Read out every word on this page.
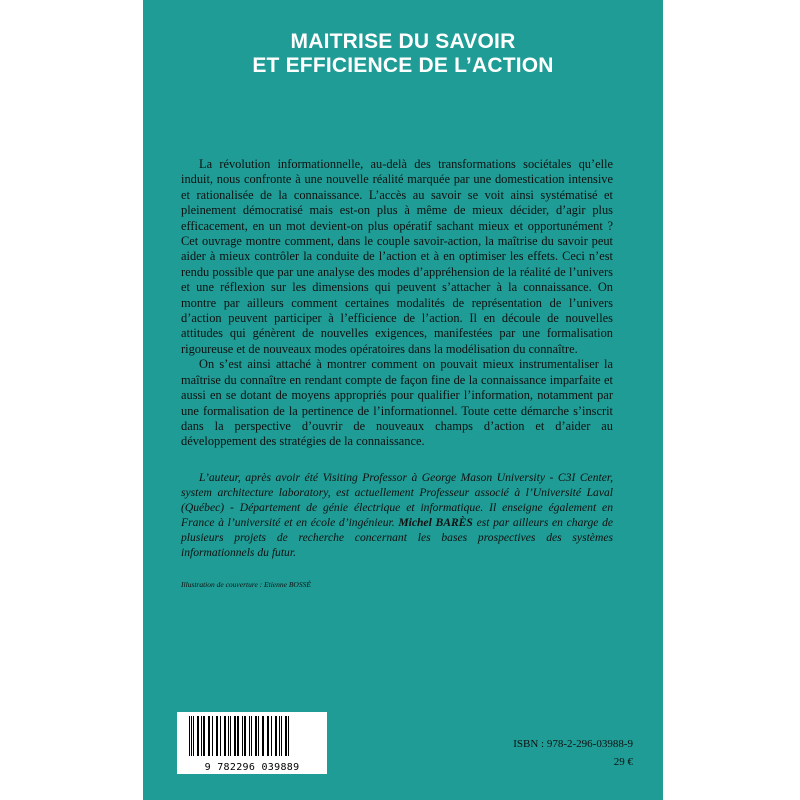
MAITRISE DU SAVOIR
ET EFFICIENCE DE L’ACTION

La révolution informationnelle, au-delà des transformations sociétales qu’elle induit, nous confronte à une nouvelle réalité marquée par une domestication intensive et rationalisée de la connaissance. L’accès au savoir se voit ainsi systématisé et pleinement démocratisé mais est-on plus à même de mieux décider, d’agir plus efficacement, en un mot devient-on plus opératif sachant mieux et opportunément ? Cet ouvrage montre comment, dans le couple savoir-action, la maîtrise du savoir peut aider à mieux contrôler la conduite de l’action et à en optimiser les effets. Ceci n’est rendu possible que par une analyse des modes d’appréhension de la réalité de l’univers et une réflexion sur les dimensions qui peuvent s’attacher à la connaissance. On montre par ailleurs comment certaines modalités de représentation de l’univers d’action peuvent participer à l’efficience de l’action. Il en découle de nouvelles attitudes qui génèrent de nouvelles exigences, manifestées par une formalisation rigoureuse et de nouveaux modes opératoires dans la modélisation du connaître.

On s’est ainsi attaché à montrer comment on pouvait mieux instrumentaliser la maîtrise du connaître en rendant compte de façon fine de la connaissance imparfaite et aussi en se dotant de moyens appropriés pour qualifier l’information, notamment par une formalisation de la pertinence de l’informationnel. Toute cette démarche s’inscrit dans la perspective d’ouvrir de nouveaux champs d’action et d’aider au développement des stratégies de la connaissance.

L’auteur, après avoir été Visiting Professor à George Mason University - C3I Center, system architecture laboratory, est actuellement Professeur associé à l’Université Laval (Québec) - Département de génie électrique et informatique. Il enseigne également en France à l’université et en école d’ingénieur. Michel BARÈS est par ailleurs en charge de plusieurs projets de recherche concernant les bases prospectives des systèmes informationnels du futur.
Illustration de couverture : Etienne BOSSÉ
9 782296 039889
ISBN : 978-2-296-03988-9
29 €
